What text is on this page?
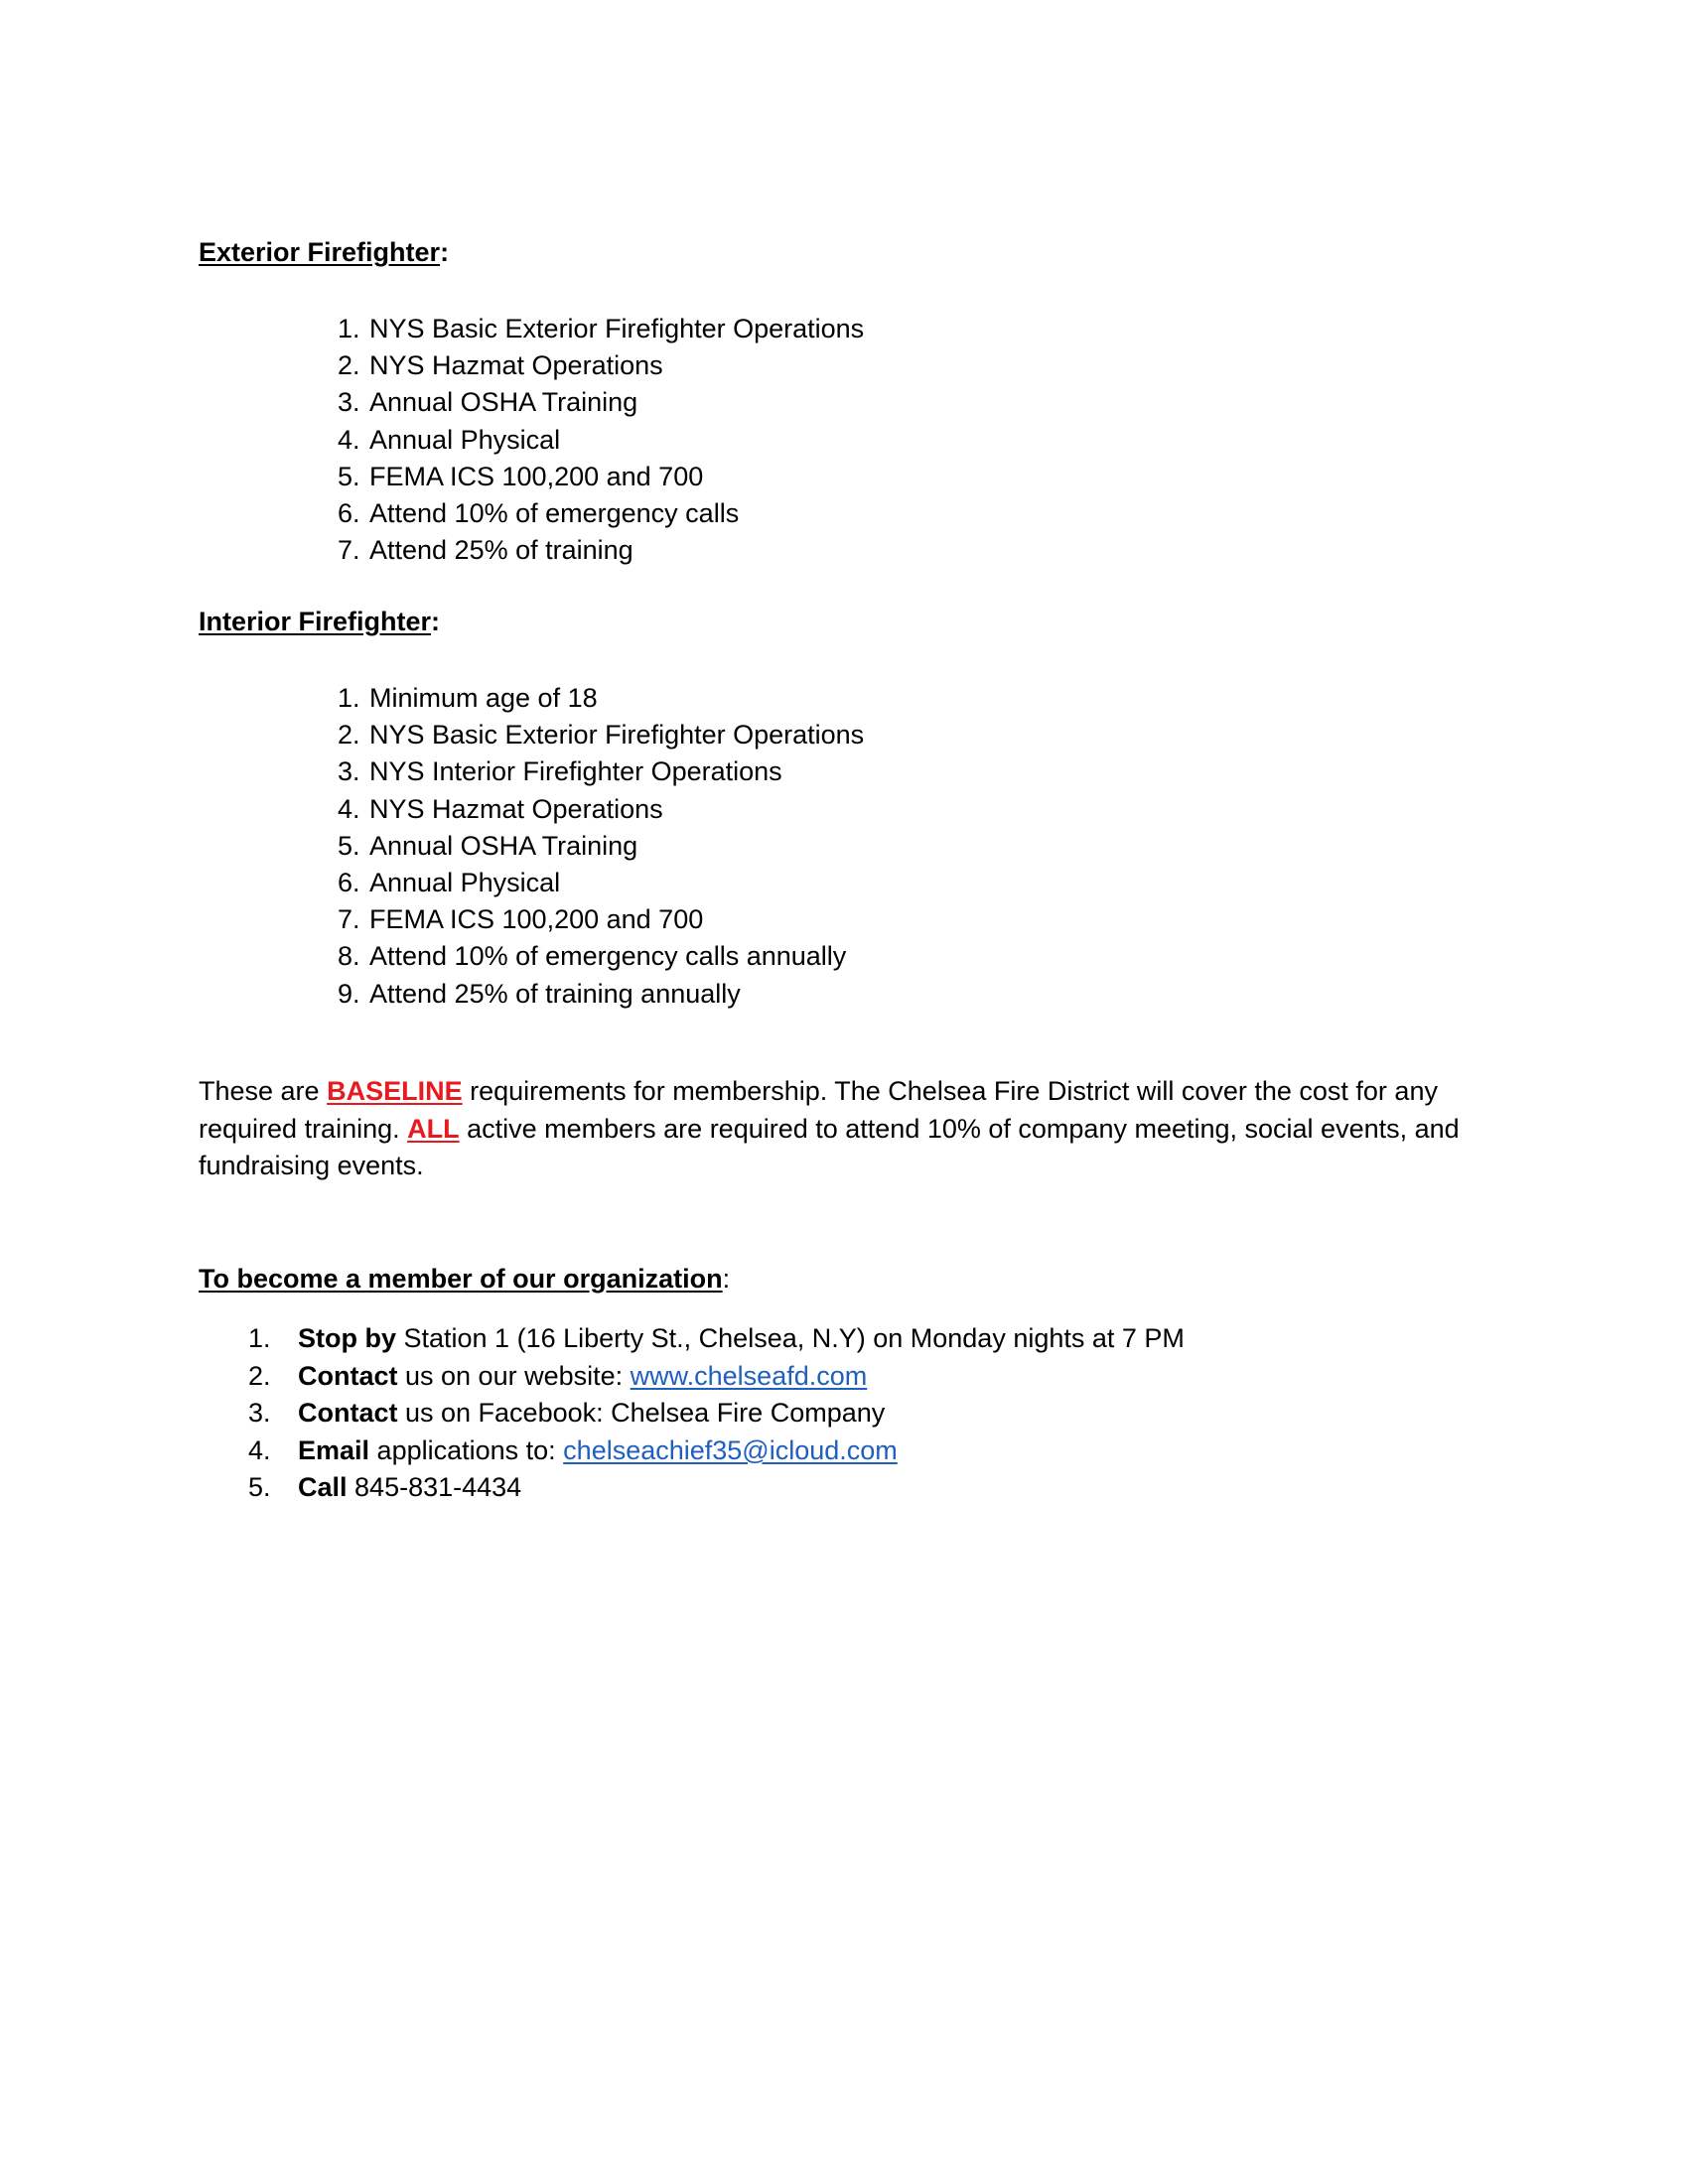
Exterior Firefighter:
1. NYS Basic Exterior Firefighter Operations
2. NYS Hazmat Operations
3. Annual OSHA Training
4. Annual Physical
5. FEMA ICS 100,200 and 700
6. Attend 10% of emergency calls
7. Attend 25% of training
Interior Firefighter:
1. Minimum age of 18
2. NYS Basic Exterior Firefighter Operations
3. NYS Interior Firefighter Operations
4. NYS Hazmat Operations
5. Annual OSHA Training
6. Annual Physical
7. FEMA ICS 100,200 and 700
8. Attend 10% of emergency calls annually
9. Attend 25% of training annually

These are BASELINE requirements for membership. The Chelsea Fire District will cover the cost for any required training. ALL active members are required to attend 10% of company meeting, social events, and fundraising events.

To become a member of our organization:
1. Stop by Station 1 (16 Liberty St., Chelsea, N.Y) on Monday nights at 7 PM
2. Contact us on our website: www.chelseafd.com
3. Contact us on Facebook: Chelsea Fire Company
4. Email applications to: chelseachief35@icloud.com
5. Call 845-831-4434
